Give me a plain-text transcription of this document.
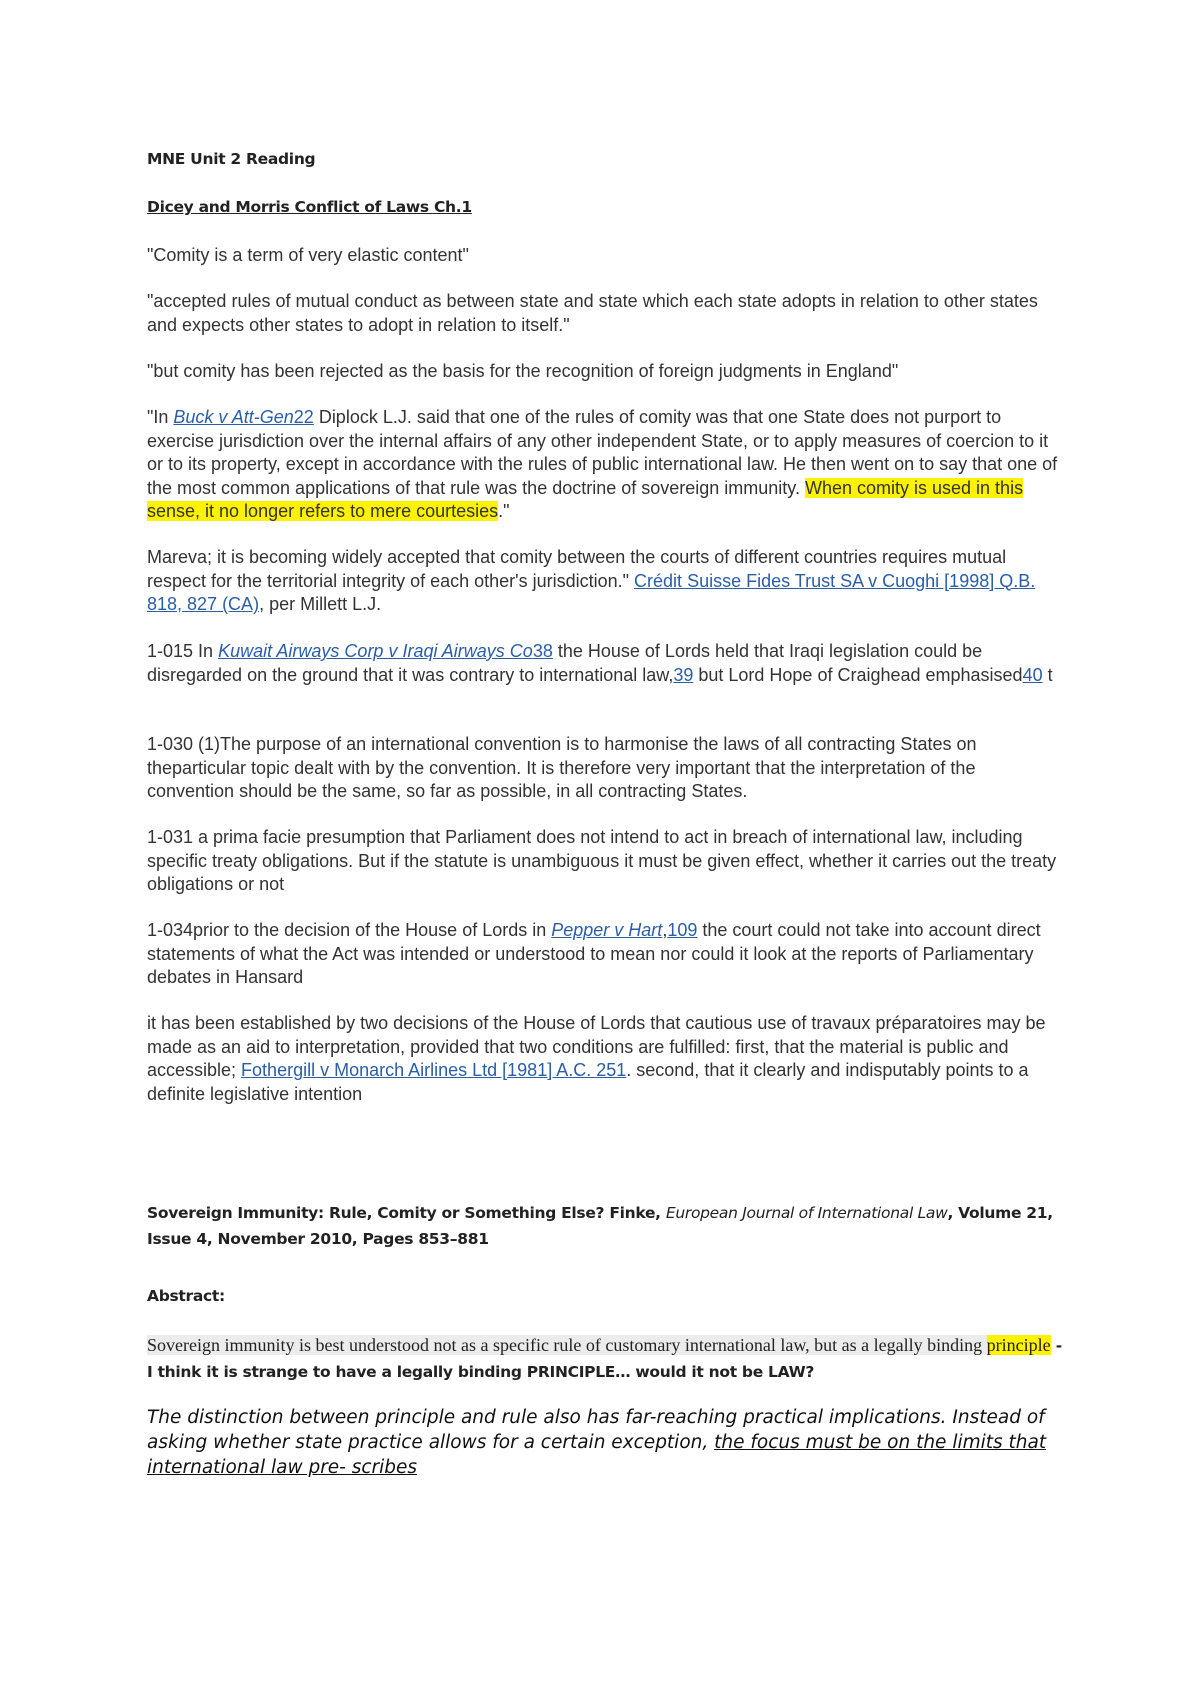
MNE Unit 2 Reading
Dicey and Morris Conflict of Laws Ch.1
"Comity is a term of very elastic content"
"accepted rules of mutual conduct as between state and state which each state adopts in relation to other states and expects other states to adopt in relation to itself."
"but comity has been rejected as the basis for the recognition of foreign judgments in England"
"In Buck v Att-Gen22 Diplock L.J. said that one of the rules of comity was that one State does not purport to exercise jurisdiction over the internal affairs of any other independent State, or to apply measures of coercion to it or to its property, except in accordance with the rules of public international law. He then went on to say that one of the most common applications of that rule was the doctrine of sovereign immunity. When comity is used in this sense, it no longer refers to mere courtesies."
Mareva; it is becoming widely accepted that comity between the courts of different countries requires mutual respect for the territorial integrity of each other's jurisdiction." Crédit Suisse Fides Trust SA v Cuoghi [1998] Q.B. 818, 827 (CA), per Millett L.J.
1-015 In Kuwait Airways Corp v Iraqi Airways Co38 the House of Lords held that Iraqi legislation could be disregarded on the ground that it was contrary to international law,39 but Lord Hope of Craighead emphasised40 t
1-030 (1)The purpose of an international convention is to harmonise the laws of all contracting States on theparticular topic dealt with by the convention. It is therefore very important that the interpretation of the convention should be the same, so far as possible, in all contracting States.
1-031 a prima facie presumption that Parliament does not intend to act in breach of international law, including specific treaty obligations. But if the statute is unambiguous it must be given effect, whether it carries out the treaty obligations or not
1-034prior to the decision of the House of Lords in Pepper v Hart,109 the court could not take into account direct statements of what the Act was intended or understood to mean nor could it look at the reports of Parliamentary debates in Hansard
it has been established by two decisions of the House of Lords that cautious use of travaux préparatoires may be made as an aid to interpretation, provided that two conditions are fulfilled: first, that the material is public and accessible; Fothergill v Monarch Airlines Ltd [1981] A.C. 251. second, that it clearly and indisputably points to a definite legislative intention
Sovereign Immunity: Rule, Comity or Something Else? Finke, European Journal of International Law, Volume 21, Issue 4, November 2010, Pages 853–881
Abstract:
Sovereign immunity is best understood not as a specific rule of customary international law, but as a legally binding principle - I think it is strange to have a legally binding PRINCIPLE… would it not be LAW?
The distinction between principle and rule also has far-reaching practical implications. Instead of asking whether state practice allows for a certain exception, the focus must be on the limits that international law pre- scribes
